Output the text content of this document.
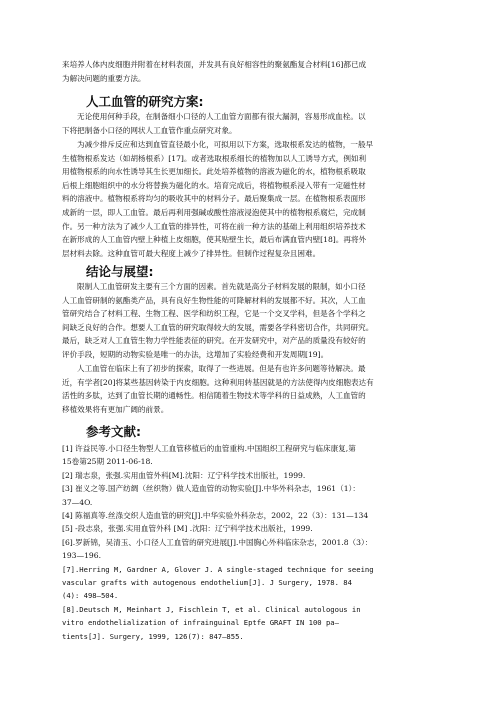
来培养人体内皮细胞并附着在材料表面，并发具有良好相容性的聚氨酯复合材料[16]都已成
为解决问题的重要方法。

人工血管的研究方案:

无论使用何种手段，在制备细小口径的人工血管方面都有很大漏洞，容易形成血栓。以
下将把制备小口径的网状人工血管作重点研究对象。

为减少排斥反应和达到血管直径最小化，可拟用以下方案，选取根系发达的植物，一般早
生植物根系发达（如胡杨根系）[17]。或者选取根系细长的植物加以人工诱导方式，例如利
用植物根系的向水性诱导其生长更加细长。此处培养植物的溶液为磁化的水，植物根系吸取
后根上细胞组织中的水分将替换为磁化的水。培育完成后，将植物根系浸入带有一定磁性材
料的溶液中。植物根系将均匀的吸收其中的材料分子。最后聚集成一层。在植物根系表面形
成新的一层，即人工血管。最后再利用强碱或酸性溶液浸泡使其中的植物根系腐烂，完成制
作。另一种方法为了减少人工血管的排异性，可将在前一种方法的基础上利用组织培养技术
在新形成的人工血管内壁上种植上皮细胞，使其贴壁生长，最后布满血管内壁[18]。再将外
层材料去除。这种血管可最大程度上减少了排异性。但制作过程复杂且困难。

结论与展望:

限制人工血管研发主要有三个方面的因素。首先就是高分子材料发展的限制，如小口径
人工血管研制的氨酯类产品，具有良好生物性能的可降解材料的发展都不好。其次，人工血
管研究结合了材料工程、生物工程、医学和纺织工程，它是一个交叉学科，但是各个学科之
间缺乏良好的合作。想要人工血管的研究取得较大的发展，需要各学科密切合作，共同研究。
最后，缺乏对人工血管生物力学性能表征的研究。在开发研究中，对产品的质量没有较好的
评价手段，短期的动物实验是唯一的办法，这增加了实验经费和开发周期[19]。

人工血管在临床上有了初步的探索，取得了一些进展。但是有也许多问题等待解决。最
近，有学者[20]将某些基因转染于内皮细胞。这种利用转基因就是的方法使得内皮细胞表达有
活性的多肽，达到了血管长期的通畅性。相信随着生物技术等学科的日益成熟，人工血管的
移植效果将有更加广阔的前景。

参考文献:
[1] 许益民等.小口径生物型人工血管移植后的血管重构.中国组织工程研究与临床康复,第
15卷第25期 2011-06-18.
[2] 瑞志泉，张强.实用血管外科[M].沈阳：辽宁科学技术出版社，1999.
[3] 崔义之等.国产纺绸（丝织物）做人造血管的动物实验[J].中华外科杂志，1961（1）：
37—4O.
[4] 陈福真等.丝涤交织人造血管的研究[J].中华实验外科杂志，2002，22（3）：131—134
[5] -段志泉，张强.实用血管外科 [M] .沈阳：辽宁科学技术出版社，1999.
[6].罗新锦，吴清玉、小口径人工血管的研究进展[J].中国胸心外科临床杂志，2001.8（3）：
193—196.
[7].Herring M, Gardner A, Glover J. A single-staged technique for seeing
vascular grafts with autogenous endothelium[J]. J Surgery, 1978. 84
(4): 498—504.
[8].Deutsch M, Meinhart J, Fischlein T, et al. Clinical autologous in
vitro endothelialization of infrainguinal Eptfe GRAFT IN 100 pa—
tients[J]. Surgery, 1999, 126(7): 847—855.
